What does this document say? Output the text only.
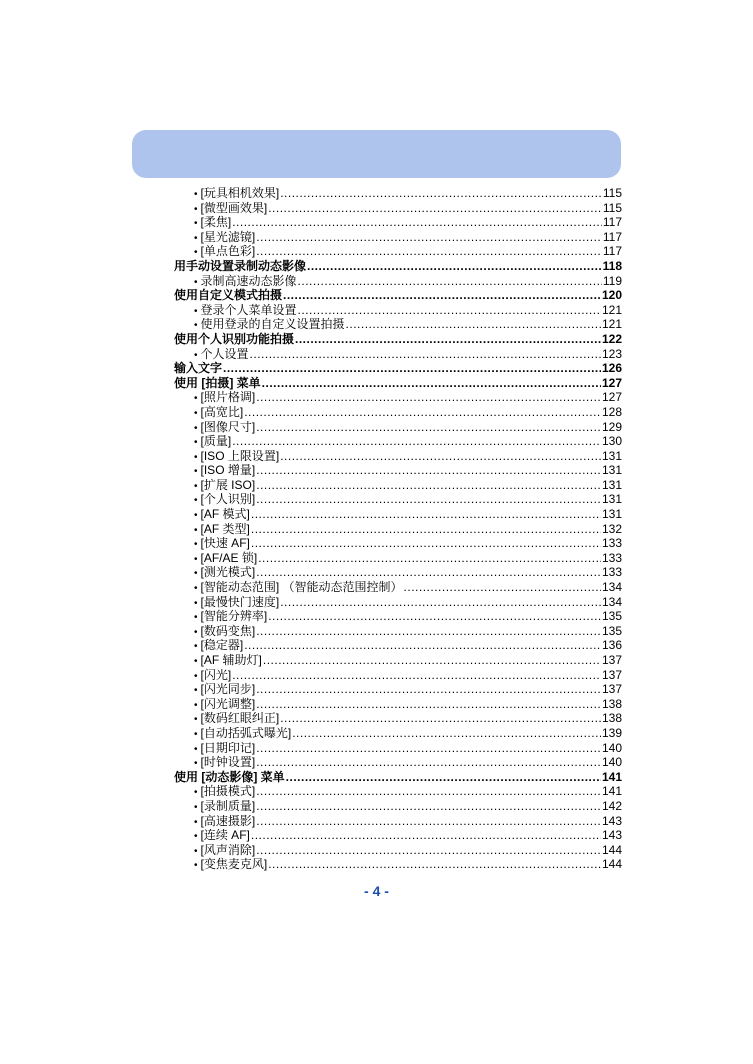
• [玩具相机效果] .....	115
• [微型画效果] .....	115
• [柔焦] .....	117
• [星光滤镜] .....	117
• [单点色彩] .....	117
用手动设置录制动态影像 .....	118
• 录制高速动态影像 .....	119
使用自定义模式拍摄 .....	120
• 登录个人菜单设置 .....	121
• 使用登录的自定义设置拍摄 .....	121
使用个人识别功能拍摄 .....	122
• 个人设置 .....	123
输入文字 .....	126
使用 [拍摄] 菜单 .....	127
• [照片格调] .....	127
• [高宽比] .....	128
• [图像尺寸] .....	129
• [质量] .....	130
• [ISO 上限设置] .....	131
• [ISO 增量] .....	131
• [扩展 ISO] .....	131
• [个人识别] .....	131
• [AF 模式] .....	131
• [AF 类型] .....	132
• [快速 AF] .....	133
• [AF/AE 锁] .....	133
• [测光模式] .....	133
• [智能动态范围] （智能动态范围控制） .....	134
• [最慢快门速度] .....	134
• [智能分辨率] .....	135
• [数码变焦] .....	135
• [稳定器] .....	136
• [AF 辅助灯] .....	137
• [闪光] .....	137
• [闪光同步] .....	137
• [闪光调整] .....	138
• [数码红眼纠正] .....	138
• [自动括弧式曝光] .....	139
• [日期印记] .....	140
• [时钟设置] .....	140
使用 [动态影像] 菜单 .....	141
• [拍摄模式] .....	141
• [录制质量] .....	142
• [高速摄影] .....	143
• [连续 AF] .....	143
• [风声消除] .....	144
• [变焦麦克风] .....	144
- 4 -
